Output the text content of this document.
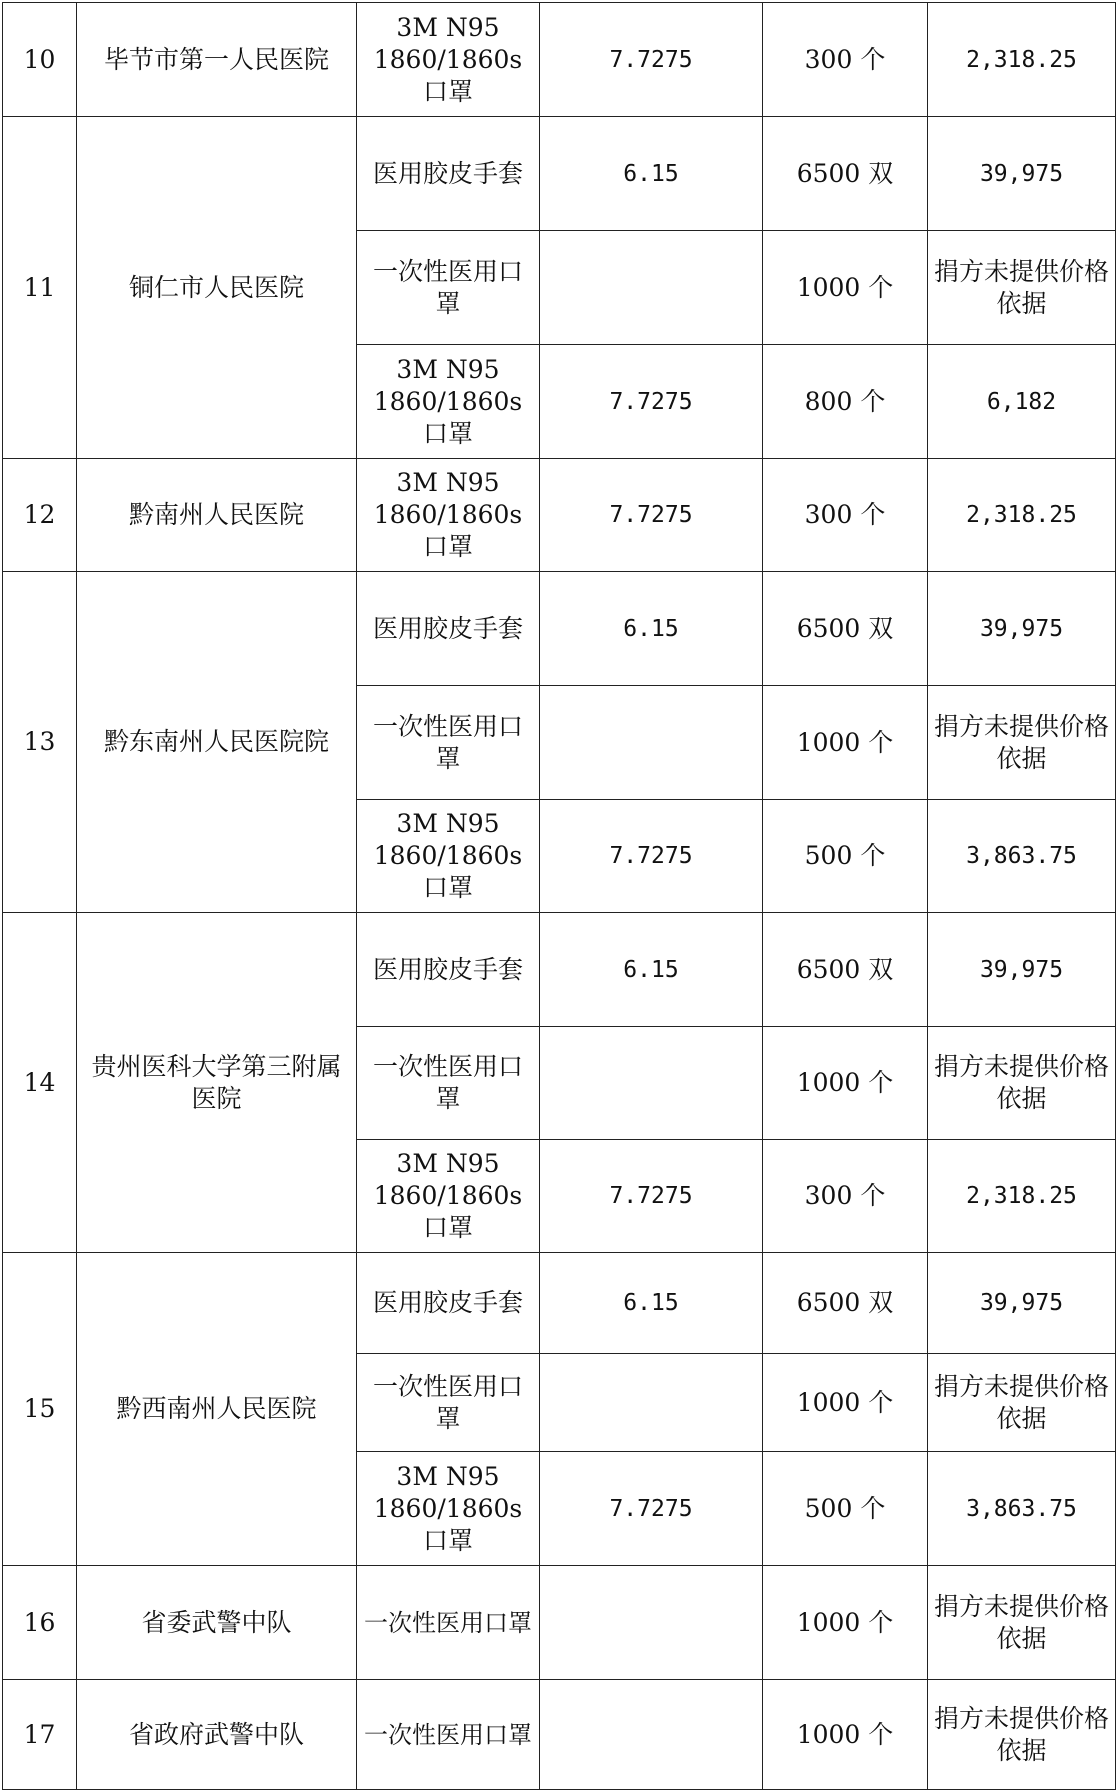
10	毕节市第一人民医院	3M N95 1860/1860s 口罩	7.7275	300 个	2,318.25
11	铜仁市人民医院	医用胶皮手套	6.15	6500 双	39,975
		一次性医用口罩		1000 个	捐方未提供价格依据
		3M N95 1860/1860s 口罩	7.7275	800 个	6,182
12	黔南州人民医院	3M N95 1860/1860s 口罩	7.7275	300 个	2,318.25
13	黔东南州人民医院院	医用胶皮手套	6.15	6500 双	39,975
		一次性医用口罩		1000 个	捐方未提供价格依据
		3M N95 1860/1860s 口罩	7.7275	500 个	3,863.75
14	贵州医科大学第三附属医院	医用胶皮手套	6.15	6500 双	39,975
		一次性医用口罩		1000 个	捐方未提供价格依据
		3M N95 1860/1860s 口罩	7.7275	300 个	2,318.25
15	黔西南州人民医院	医用胶皮手套	6.15	6500 双	39,975
		一次性医用口罩		1000 个	捐方未提供价格依据
		3M N95 1860/1860s 口罩	7.7275	500 个	3,863.75
16	省委武警中队	一次性医用口罩		1000 个	捐方未提供价格依据
17	省政府武警中队	一次性医用口罩		1000 个	捐方未提供价格依据
